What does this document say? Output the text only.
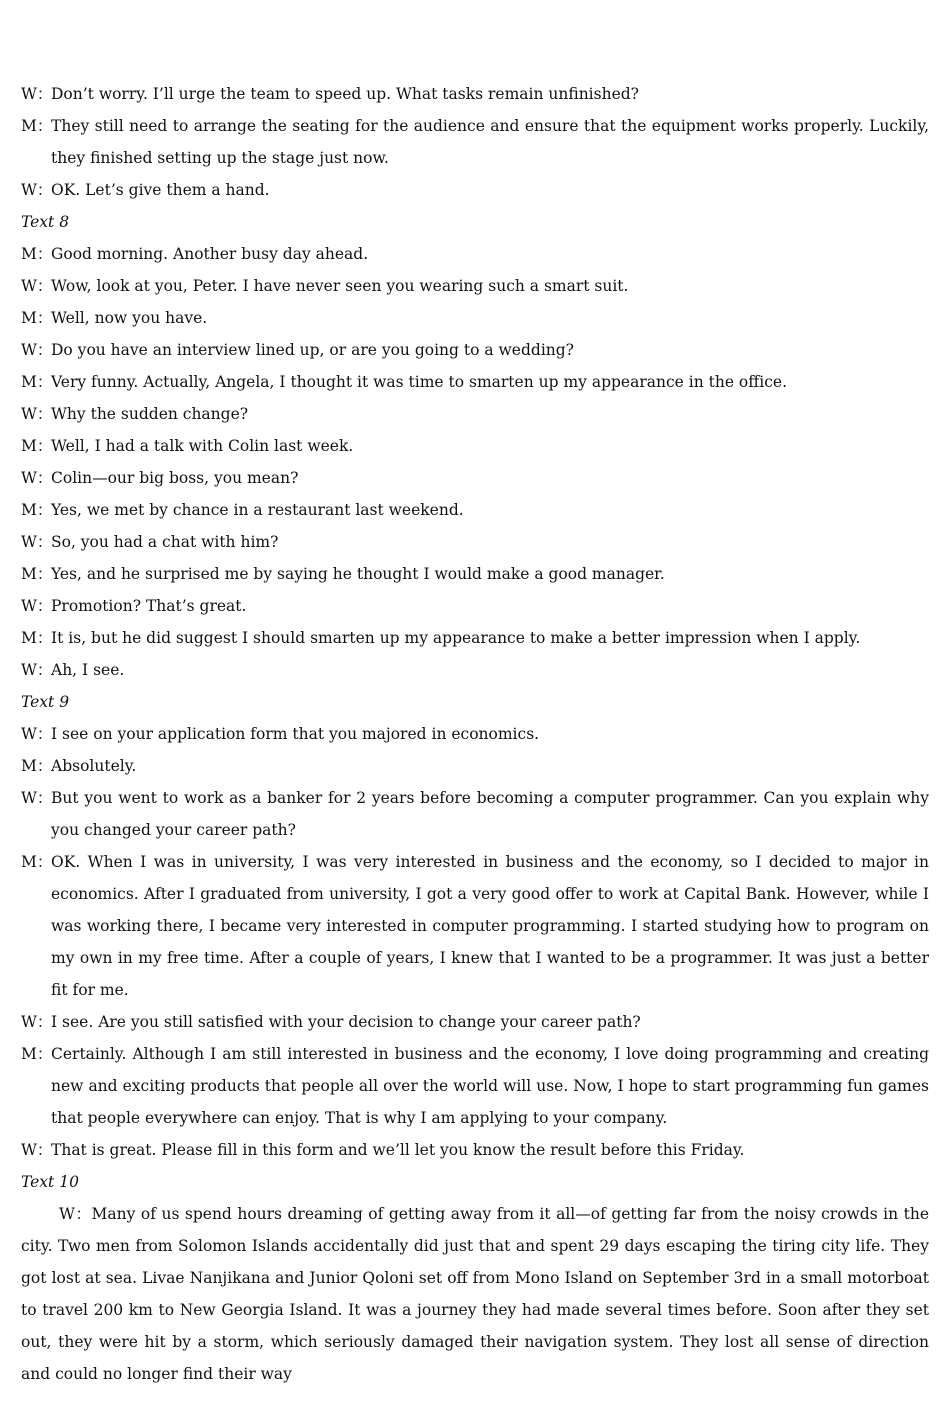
W：
Don’t worry. I’ll urge the team to speed up. What tasks remain unfinished?
M：
They still need to arrange the seating for the audience and ensure that the equipment works properly. Luckily, they finished setting up the stage just now.
W：
OK. Let’s give them a hand.
Text 8
M：
Good morning. Another busy day ahead.
W：
Wow, look at you, Peter. I have never seen you wearing such a smart suit.
M：
Well, now you have.
W：
Do you have an interview lined up, or are you going to a wedding?
M：
Very funny. Actually, Angela, I thought it was time to smarten up my appearance in the office.
W：
Why the sudden change?
M：
Well, I had a talk with Colin last week.
W：
Colin—our big boss, you mean?
M：
Yes, we met by chance in a restaurant last weekend.
W：
So, you had a chat with him?
M：
Yes, and he surprised me by saying he thought I would make a good manager.
W：
Promotion? That’s great.
M：
It is, but he did suggest I should smarten up my appearance to make a better impression when I apply.
W：
Ah, I see.
Text 9
W：
I see on your application form that you majored in economics.
M：
Absolutely.
W：
But you went to work as a banker for 2 years before becoming a computer programmer. Can you explain why you changed your career path?
M：
OK. When I was in university, I was very interested in business and the economy, so I decided to major in economics. After I graduated from university, I got a very good offer to work at Capital Bank. However, while I was working there, I became very interested in computer programming. I started studying how to program on my own in my free time. After a couple of years, I knew that I wanted to be a programmer. It was just a better fit for me.
W：
I see. Are you still satisfied with your decision to change your career path?
M：
Certainly. Although I am still interested in business and the economy, I love doing programming and creating new and exciting products that people all over the world will use. Now, I hope to start programming fun games that people everywhere can enjoy. That is why I am applying to your company.
W：
That is great. Please fill in this form and we’ll let you know the result before this Friday.
Text 10
W：Many of us spend hours dreaming of getting away from it all—of getting far from the noisy crowds in the city. Two men from Solomon Islands accidentally did just that and spent 29 days escaping the tiring city life. They got lost at sea. Livae Nanjikana and Junior Qoloni set off from Mono Island on September 3rd in a small motorboat to travel 200 km to New Georgia Island. It was a journey they had made several times before. Soon after they set out, they were hit by a storm, which seriously damaged their navigation system. They lost all sense of direction and could no longer find their way
